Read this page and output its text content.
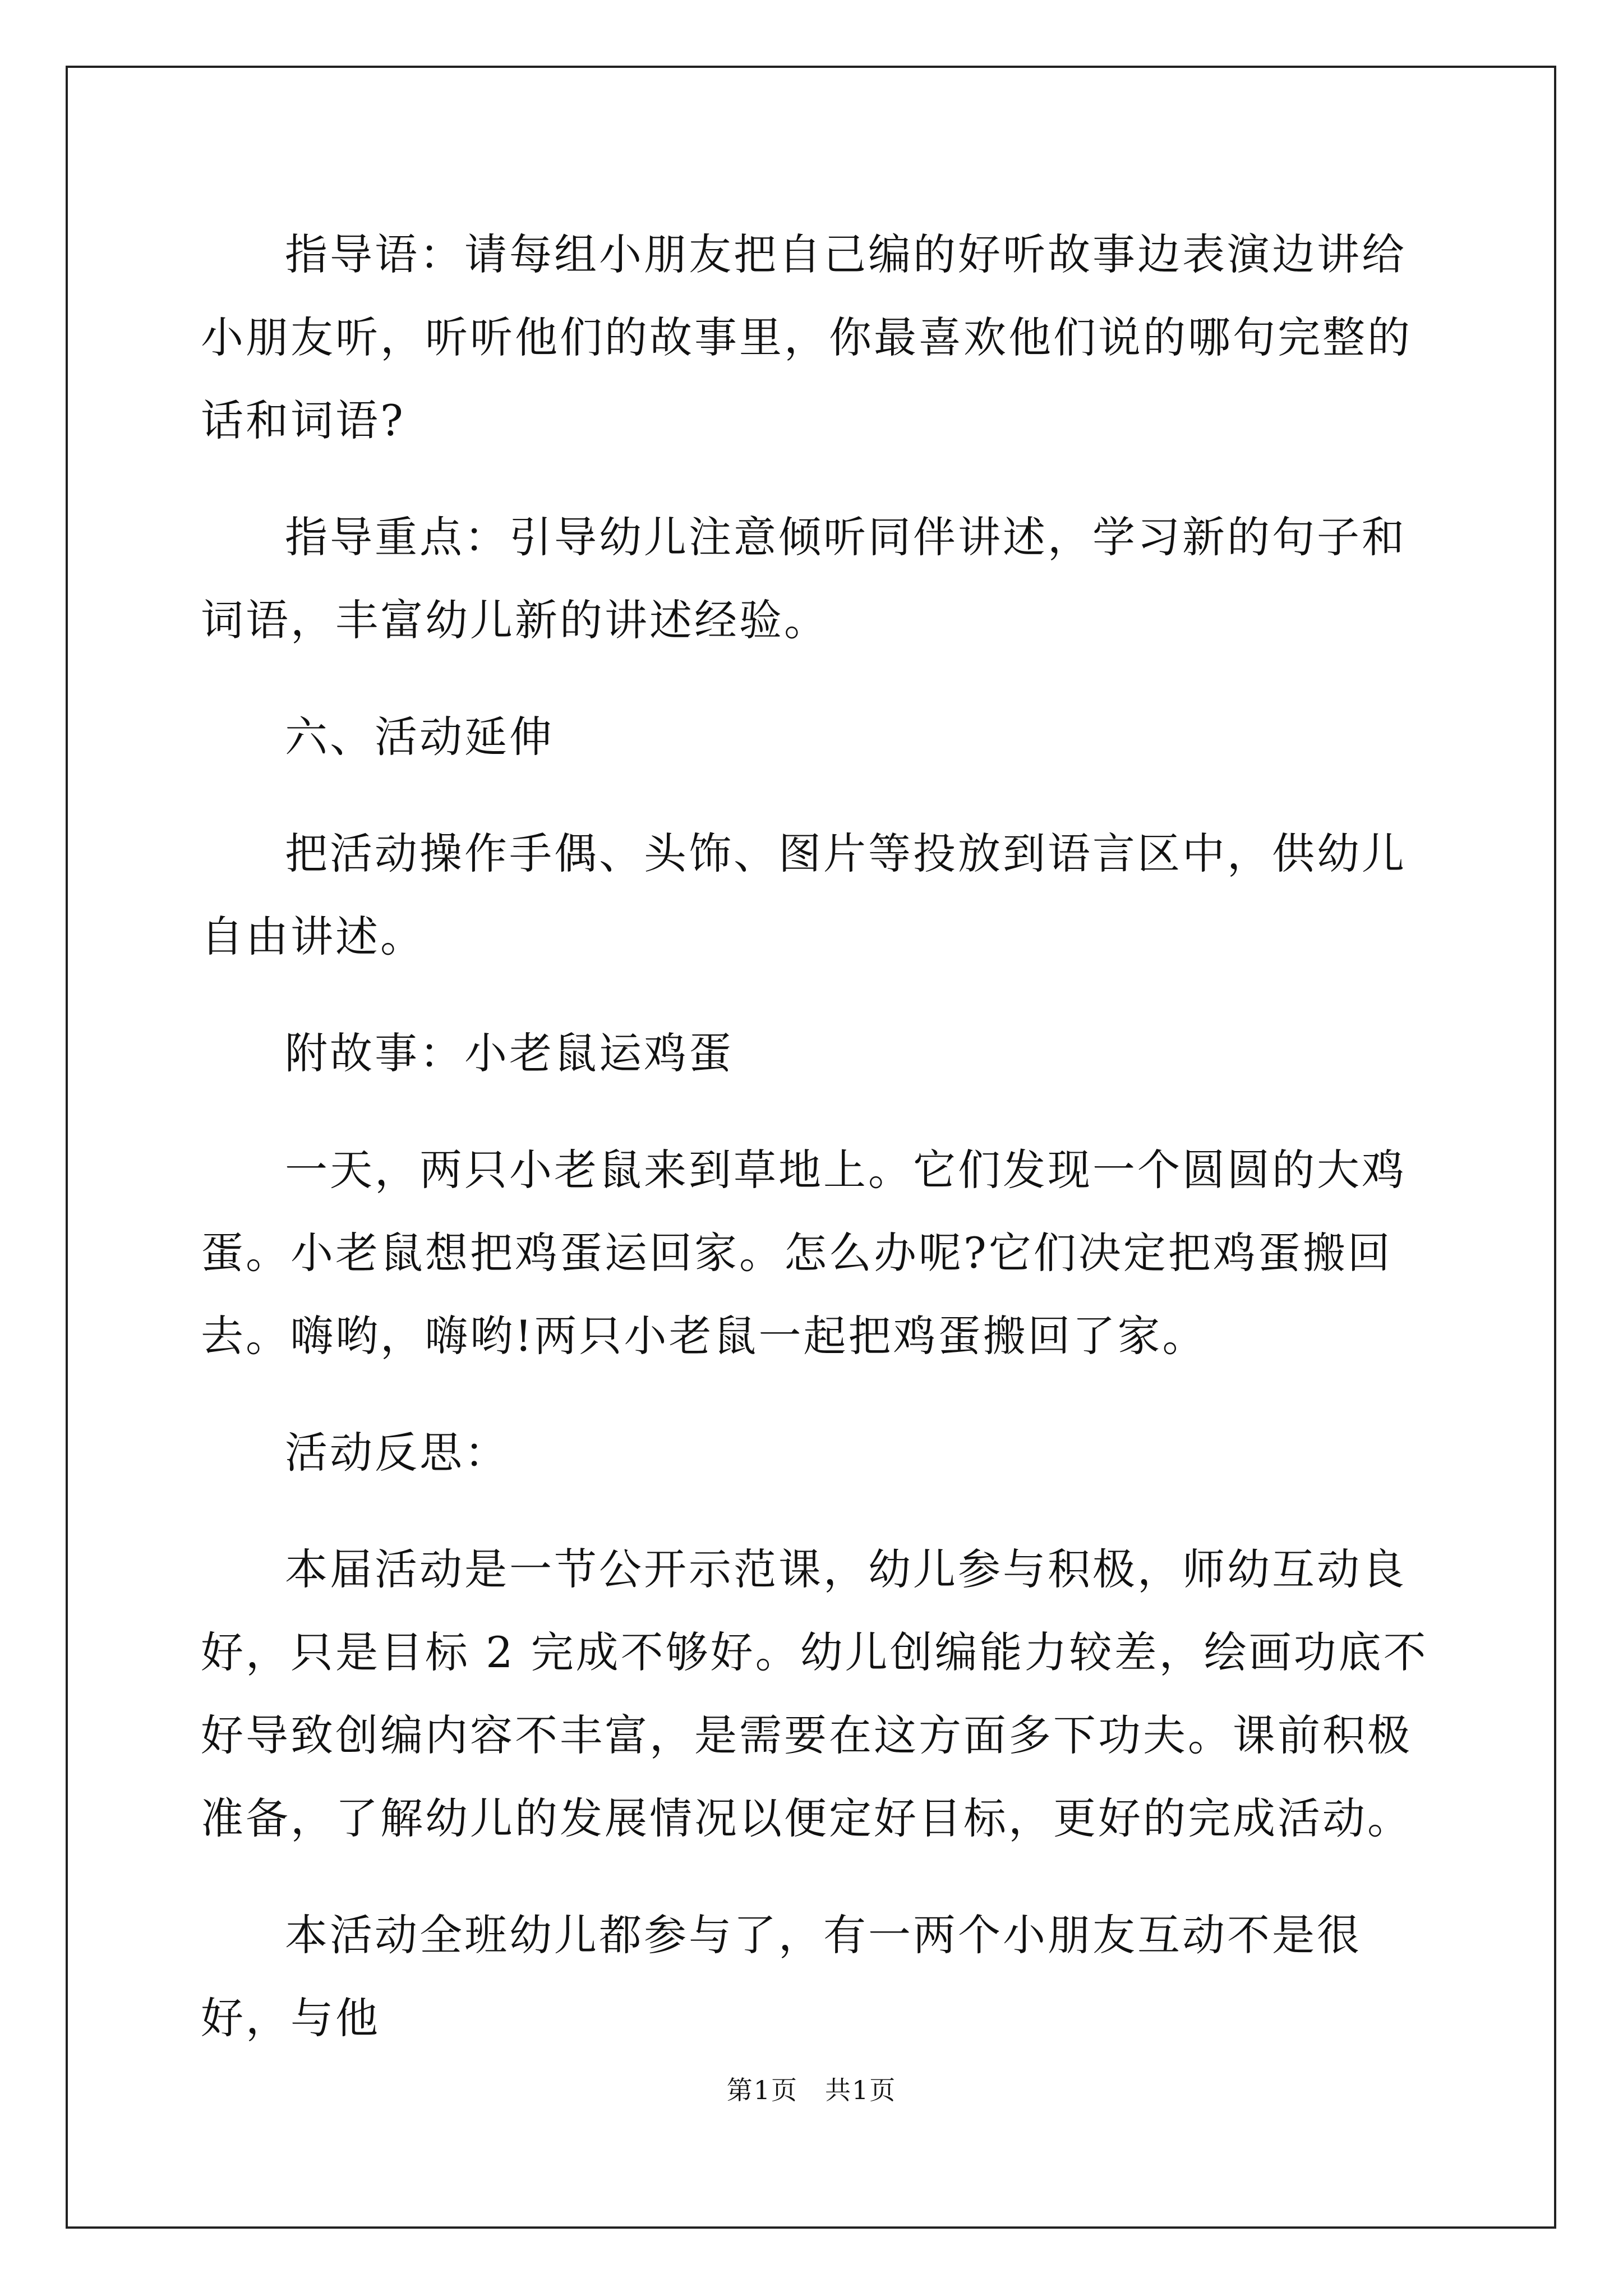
指导语：请每组小朋友把自己编的好听故事边表演边讲给小朋友听，听听他们的故事里，你最喜欢他们说的哪句完整的话和词语?

指导重点：引导幼儿注意倾听同伴讲述，学习新的句子和词语，丰富幼儿新的讲述经验。

六、活动延伸

把活动操作手偶、头饰、图片等投放到语言区中，供幼儿自由讲述。

附故事：小老鼠运鸡蛋

一天，两只小老鼠来到草地上。它们发现一个圆圆的大鸡蛋。小老鼠想把鸡蛋运回家。怎么办呢?它们决定把鸡蛋搬回去。嗨哟，嗨哟!两只小老鼠一起把鸡蛋搬回了家。

活动反思：

本届活动是一节公开示范课，幼儿参与积极，师幼互动良好，只是目标 2 完成不够好。幼儿创编能力较差，绘画功底不好导致创编内容不丰富，是需要在这方面多下功夫。课前积极准备，了解幼儿的发展情况以便定好目标，更好的完成活动。

本活动全班幼儿都参与了，有一两个小朋友互动不是很好，与他

第1页　共1页
